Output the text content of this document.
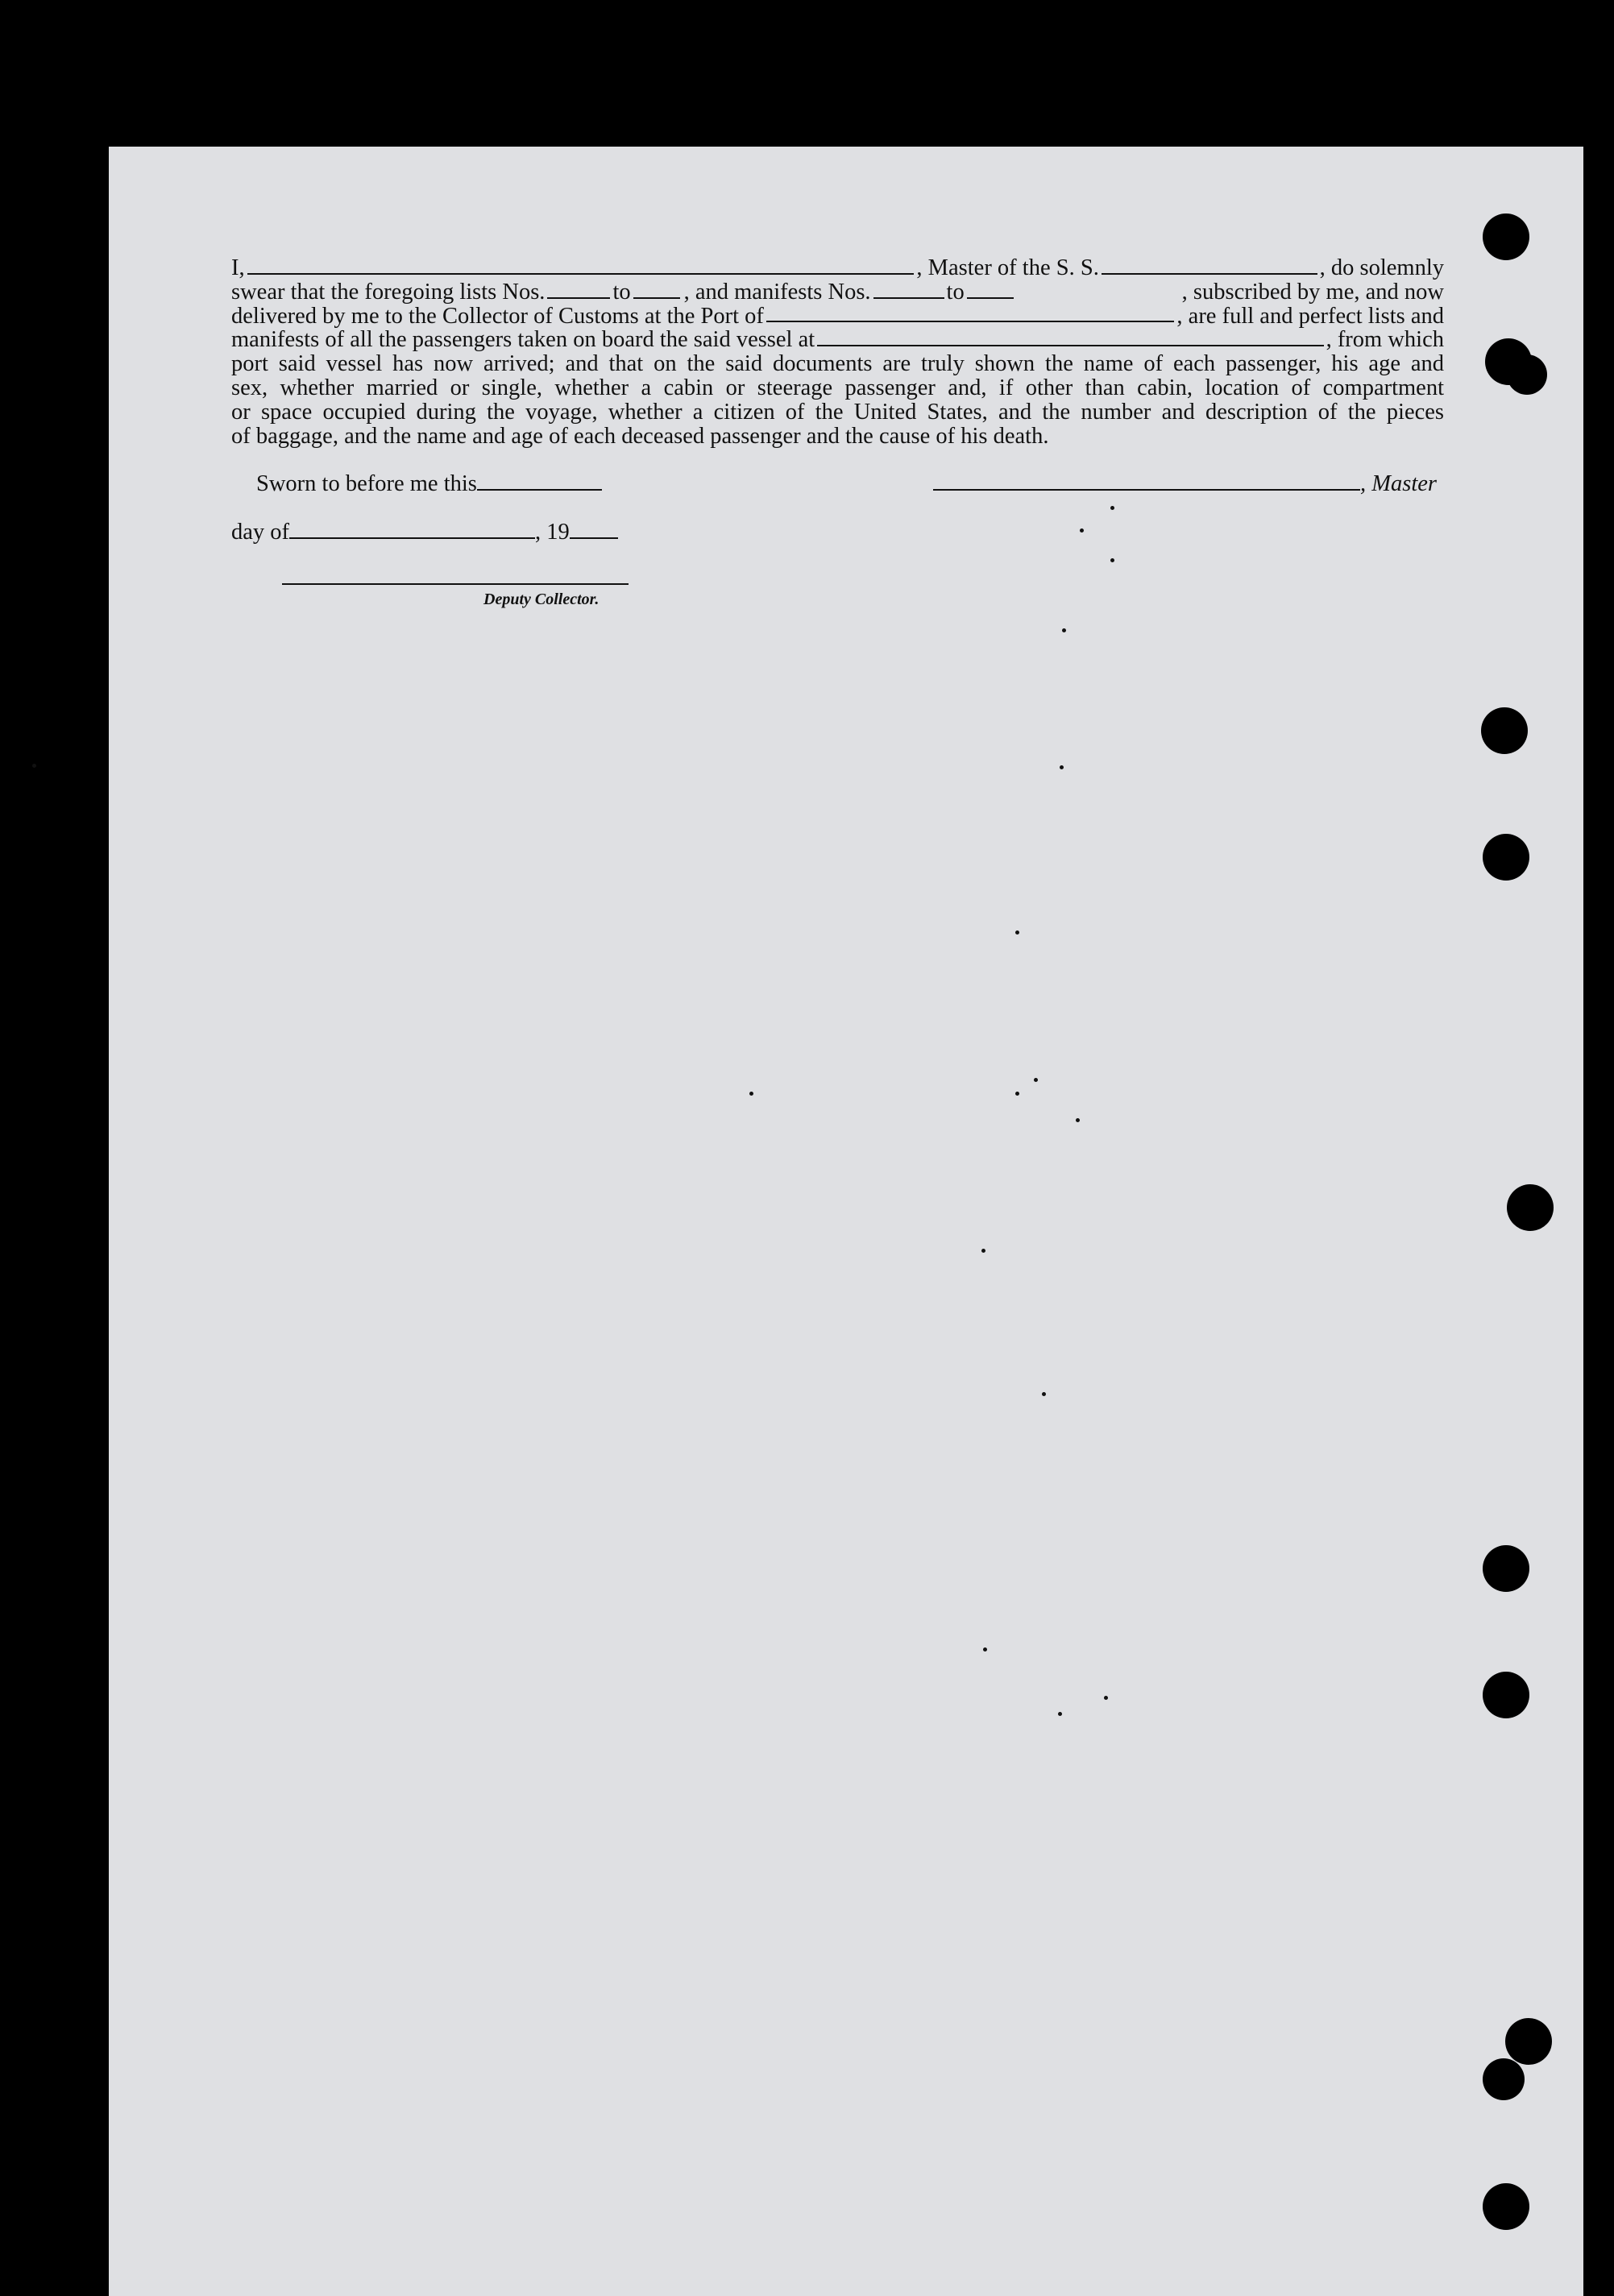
I,	, Master of the S. S.	, do solemnly
swear that the foregoing lists Nos.	to , and manifests Nos.	to	, subscribed by me, and now
delivered by me to the Collector of Customs at the Port of	, are full and perfect lists and
manifests of all the passengers taken on board the said vessel at	, from which
port said vessel has now arrived; and that on the said documents are truly shown the name of each passenger, his age and
sex, whether married or single, whether a cabin or steerage passenger and, if other than cabin, location of compartment
or space occupied during the voyage, whether a citizen of the United States, and the number and description of the pieces
of baggage, and the name and age of each deceased passenger and the cause of his death.
Sworn to before me this	, Master
day of	, 19
Deputy Collector.
